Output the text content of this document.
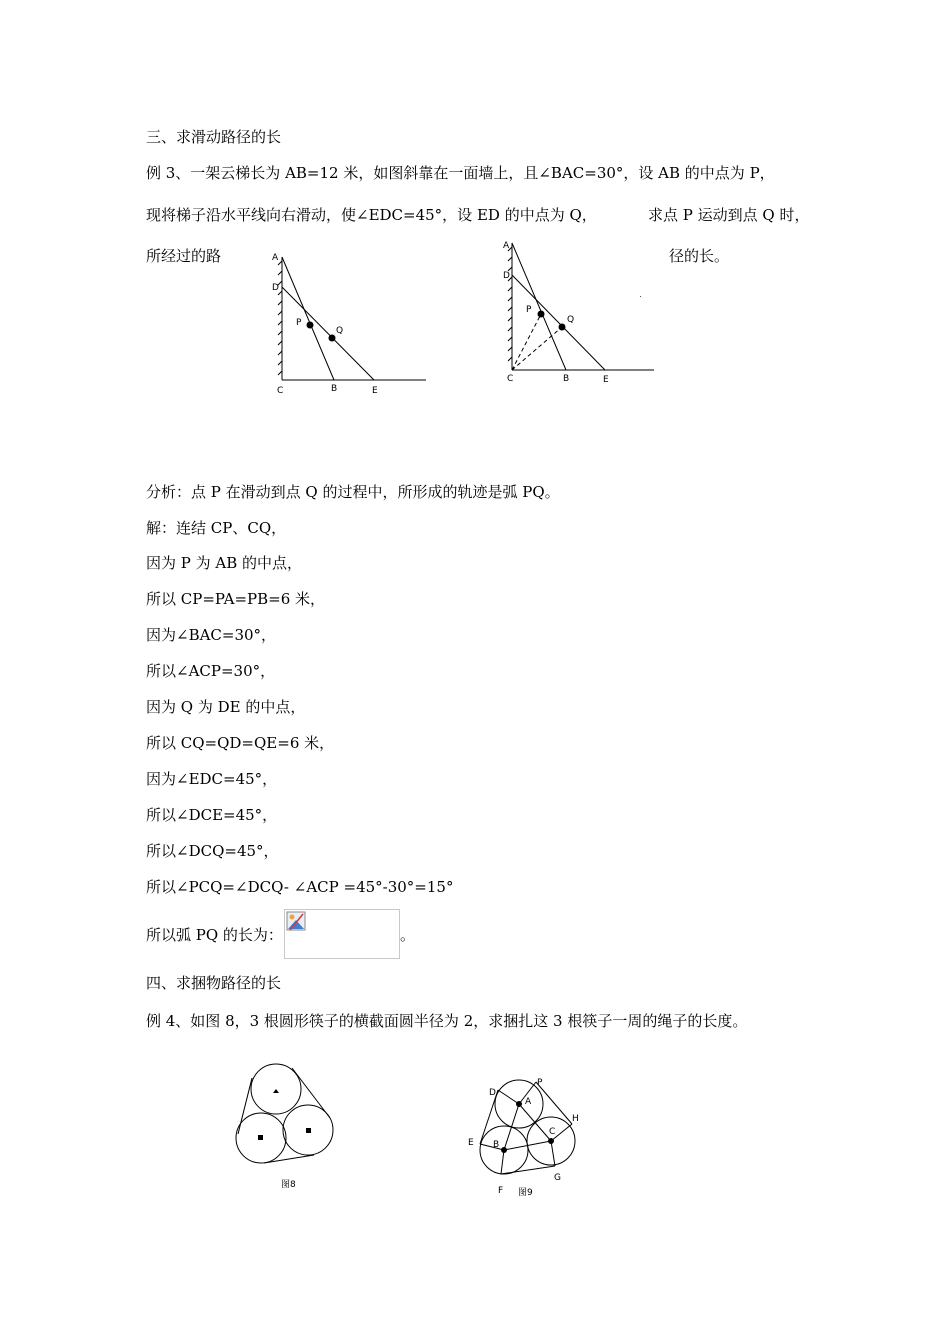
三、求滑动路径的长
例 3、一架云梯长为 AB=12 米，如图斜靠在一面墙上，且∠BAC=30°，设 AB 的中点为 P，
现将梯子沿水平线向右滑动，使∠EDC=45°，设 ED 的中点为 Q，	求点 P 运动到点 Q 时，
所经过的路	径的长。
A
D
P
Q
C	B	E
A
D
P
Q
C	B	E
分析：点 P 在滑动到点 Q 的过程中，所形成的轨迹是弧 PQ。
解：连结 CP、CQ，
因为 P 为 AB 的中点，
所以 CP=PA=PB=6 米，
因为∠BAC=30°，
所以∠ACP=30°，
因为 Q 为 DE 的中点，
所以 CQ=QD=QE=6 米，
因为∠EDC=45°，
所以∠DCE=45°，
所以∠DCQ=45°，
所以∠PCQ=∠DCQ- ∠ACP =45°-30°=15°
所以弧 PQ 的长为：	。
四、求捆物路径的长
例 4、如图 8，3 根圆形筷子的横截面圆半径为 2，求捆扎这 3 根筷子一周的绳子的长度。
图8
A
B
C
D
E
F
G
H
P
图9
